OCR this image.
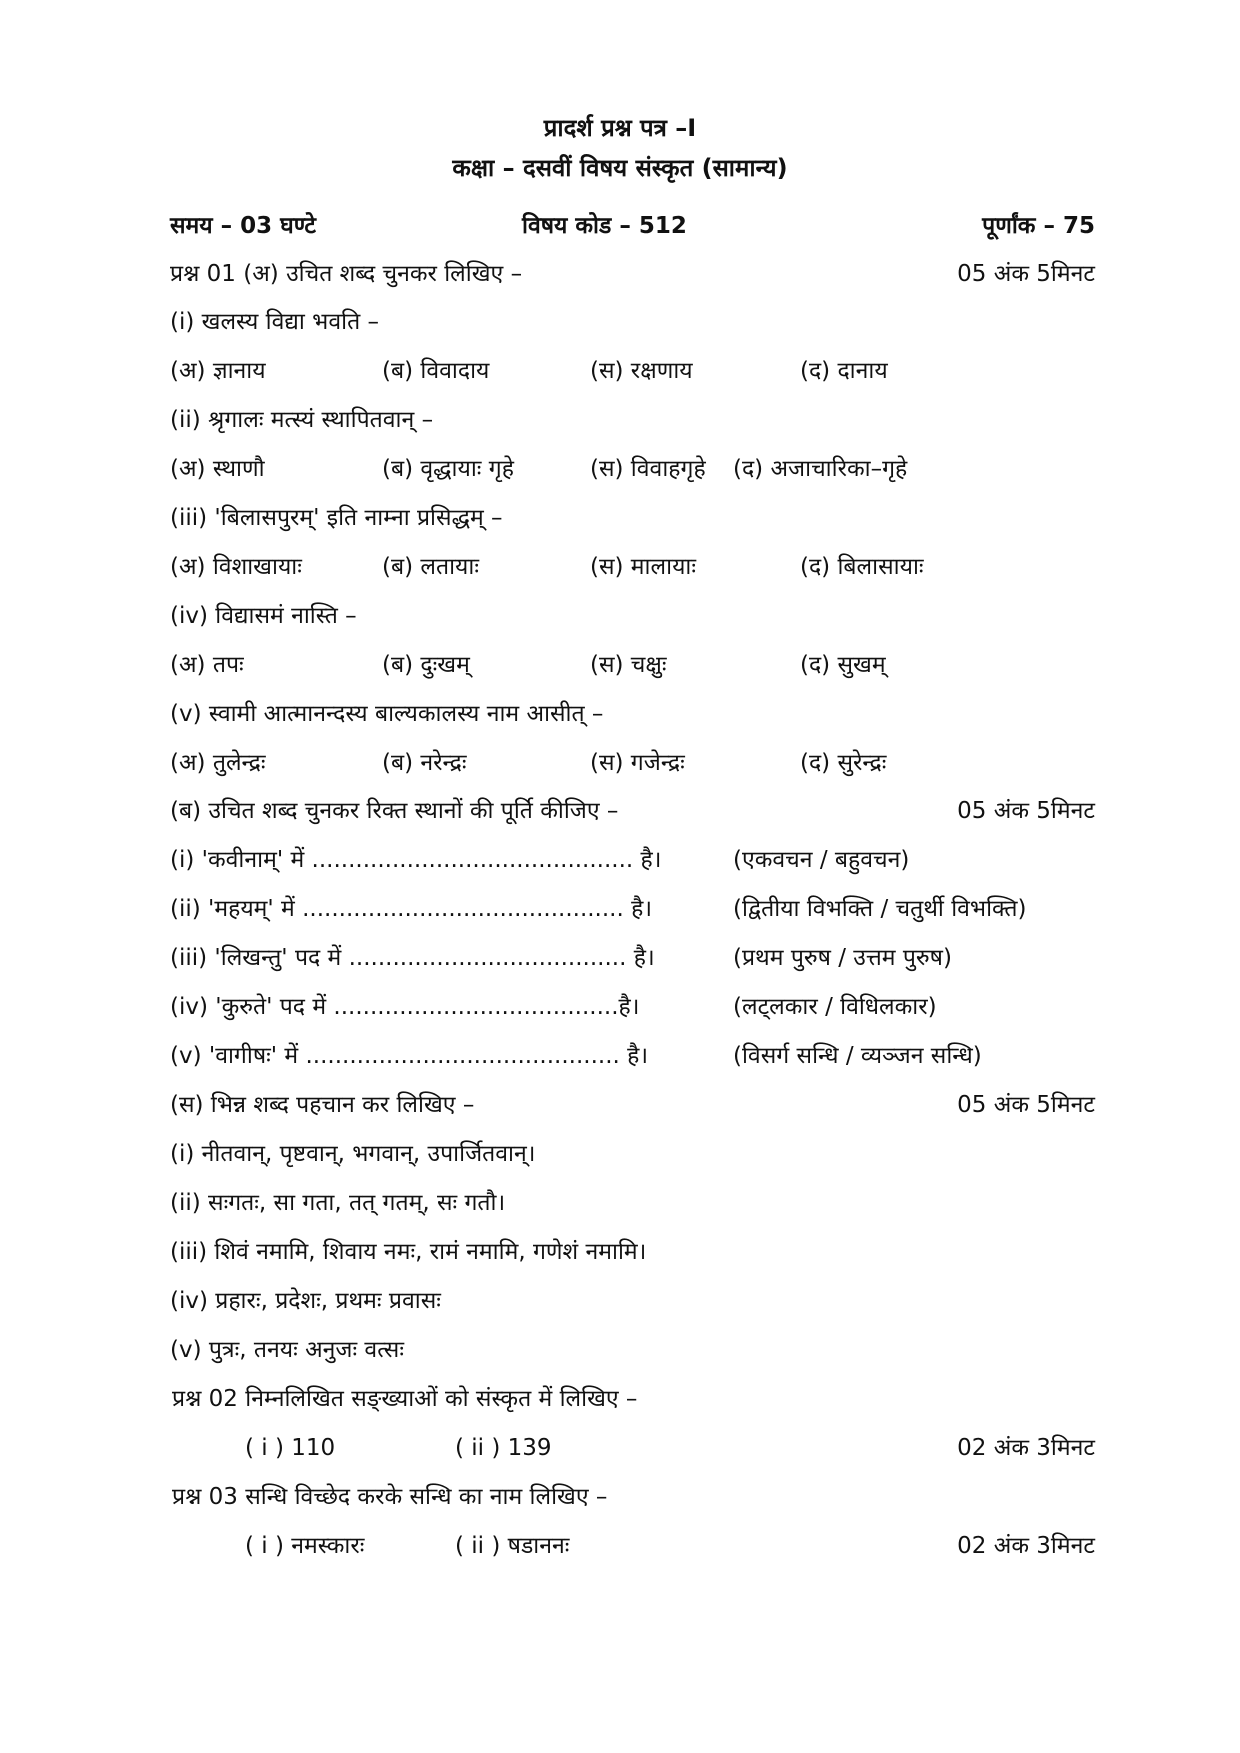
प्रादर्श प्रश्न पत्र –I
कक्षा – दसवीं विषय संस्कृत (सामान्य)
समय – 03 घण्टे	विषय कोड – 512	पूर्णांक – 75
प्रश्न 01 (अ) उचित शब्द चुनकर लिखिए –	05 अंक 5मिनट
(i) खलस्य विद्या भवति –
(अ) ज्ञानाय	(ब) विवादाय	(स) रक्षणाय	(द) दानाय
(ii) श्रृगालः मत्स्यं स्थापितवान् –
(अ) स्थाणौ	(ब) वृद्धायाः गृहे	(स) विवाहगृहे (द) अजाचारिका–गृहे
(iii) 'बिलासपुरम्' इति नाम्ना प्रसिद्धम् –
(अ) विशाखायाः	(ब) लतायाः	(स) मालायाः	(द) बिलासायाः
(iv) विद्यासमं नास्ति –
(अ) तपः	(ब) दुःखम्	(स) चक्षुः	(द) सुखम्
(v) स्वामी आत्मानन्दस्य बाल्यकालस्य नाम आसीत् –
(अ) तुलेन्द्रः	(ब) नरेन्द्रः	(स) गजेन्द्रः	(द) सुरेन्द्रः
(ब) उचित शब्द चुनकर रिक्त स्थानों की पूर्ति कीजिए –	05 अंक 5मिनट
(i) 'कवीनाम्' में ............................................ है।	(एकवचन / बहुवचन)
(ii) 'महयम्' में ............................................ है।	(द्वितीया विभक्ति / चतुर्थी विभक्ति)
(iii) 'लिखन्तु' पद में ...................................... है।	(प्रथम पुरुष / उत्तम पुरुष)
(iv) 'कुरुते' पद में .......................................है।	(लट्लकार / विधिलकार)
(v) 'वागीषः' में ........................................... है।	(विसर्ग सन्धि / व्यञ्जन सन्धि)
(स) भिन्न शब्द पहचान कर लिखिए –	05 अंक 5मिनट
(i) नीतवान्, पृष्टवान्, भगवान्, उपार्जितवान्।
(ii) सःगतः, सा गता, तत् गतम्, सः गतौ।
(iii) शिवं नमामि, शिवाय नमः, रामं नमामि, गणेशं नमामि।
(iv) प्रहारः, प्रदेशः, प्रथमः प्रवासः
(v) पुत्रः, तनयः अनुजः वत्सः
प्रश्न 02 निम्नलिखित सङ्ख्याओं को संस्कृत में लिखिए –
( i ) 110	( ii ) 139	02 अंक 3मिनट
प्रश्न 03 सन्धि विच्छेद करके सन्धि का नाम लिखिए –
( i ) नमस्कारः	( ii ) षडाननः	02 अंक 3मिनट
